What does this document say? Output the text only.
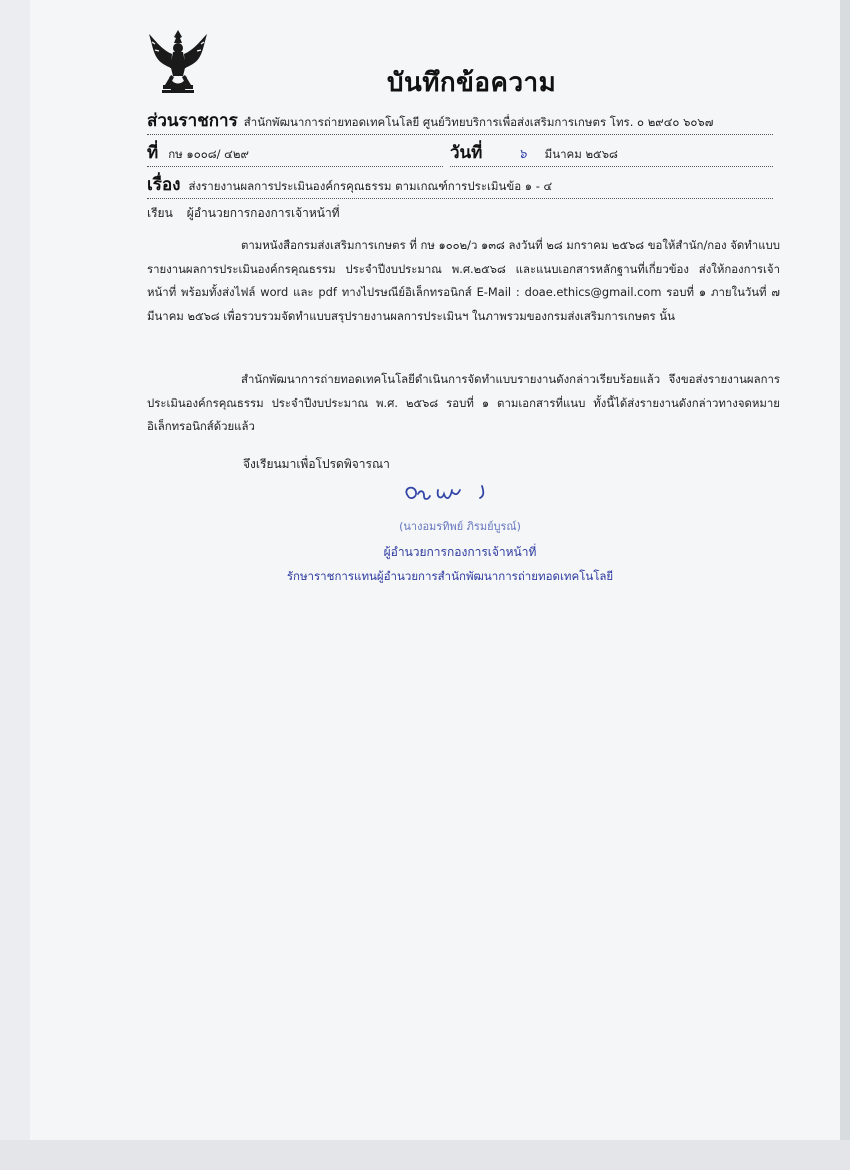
บันทึกข้อความ
ส่วนราชการ สำนักพัฒนาการถ่ายทอดเทคโนโลยี ศูนย์วิทยบริการเพื่อส่งเสริมการเกษตร โทร. ๐ ๒๙๔๐ ๖๐๖๗
ที่ กษ ๑๐๐๘/ ๔๒๙	วันที่	๖ มีนาคม ๒๕๖๘
เรื่อง ส่งรายงานผลการประเมินองค์กรคุณธรรม ตามเกณฑ์การประเมินข้อ ๑ - ๔
เรียน ผู้อำนวยการกองการเจ้าหน้าที่
ตามหนังสือกรมส่งเสริมการเกษตร ที่ กษ ๑๐๐๒/ว ๑๓๘ ลงวันที่ ๒๘ มกราคม ๒๕๖๘ ขอให้สำนัก/กอง จัดทำแบบรายงานผลการประเมินองค์กรคุณธรรม ประจำปีงบประมาณ พ.ศ.๒๕๖๘ และแนบเอกสารหลักฐานที่เกี่ยวข้อง ส่งให้กองการเจ้าหน้าที่ พร้อมทั้งส่งไฟล์ word และ pdf ทางไปรษณีย์อิเล็กทรอนิกส์ E-Mail : doae.ethics@gmail.com รอบที่ ๑ ภายในวันที่ ๗ มีนาคม ๒๕๖๘ เพื่อรวบรวมจัดทำแบบสรุปรายงานผลการประเมินฯ ในภาพรวมของกรมส่งเสริมการเกษตร นั้น
สำนักพัฒนาการถ่ายทอดเทคโนโลยีดำเนินการจัดทำแบบรายงานดังกล่าวเรียบร้อยแล้ว จึงขอส่งรายงานผลการประเมินองค์กรคุณธรรม ประจำปีงบประมาณ พ.ศ. ๒๕๖๘ รอบที่ ๑ ตามเอกสารที่แนบ ทั้งนี้ได้ส่งรายงานดังกล่าวทางจดหมายอิเล็กทรอนิกส์ด้วยแล้ว
จึงเรียนมาเพื่อโปรดพิจารณา
(นางอมรทิพย์ ภิรมย์บูรณ์)
ผู้อำนวยการกองการเจ้าหน้าที่
รักษาราชการแทนผู้อำนวยการสำนักพัฒนาการถ่ายทอดเทคโนโลยี
